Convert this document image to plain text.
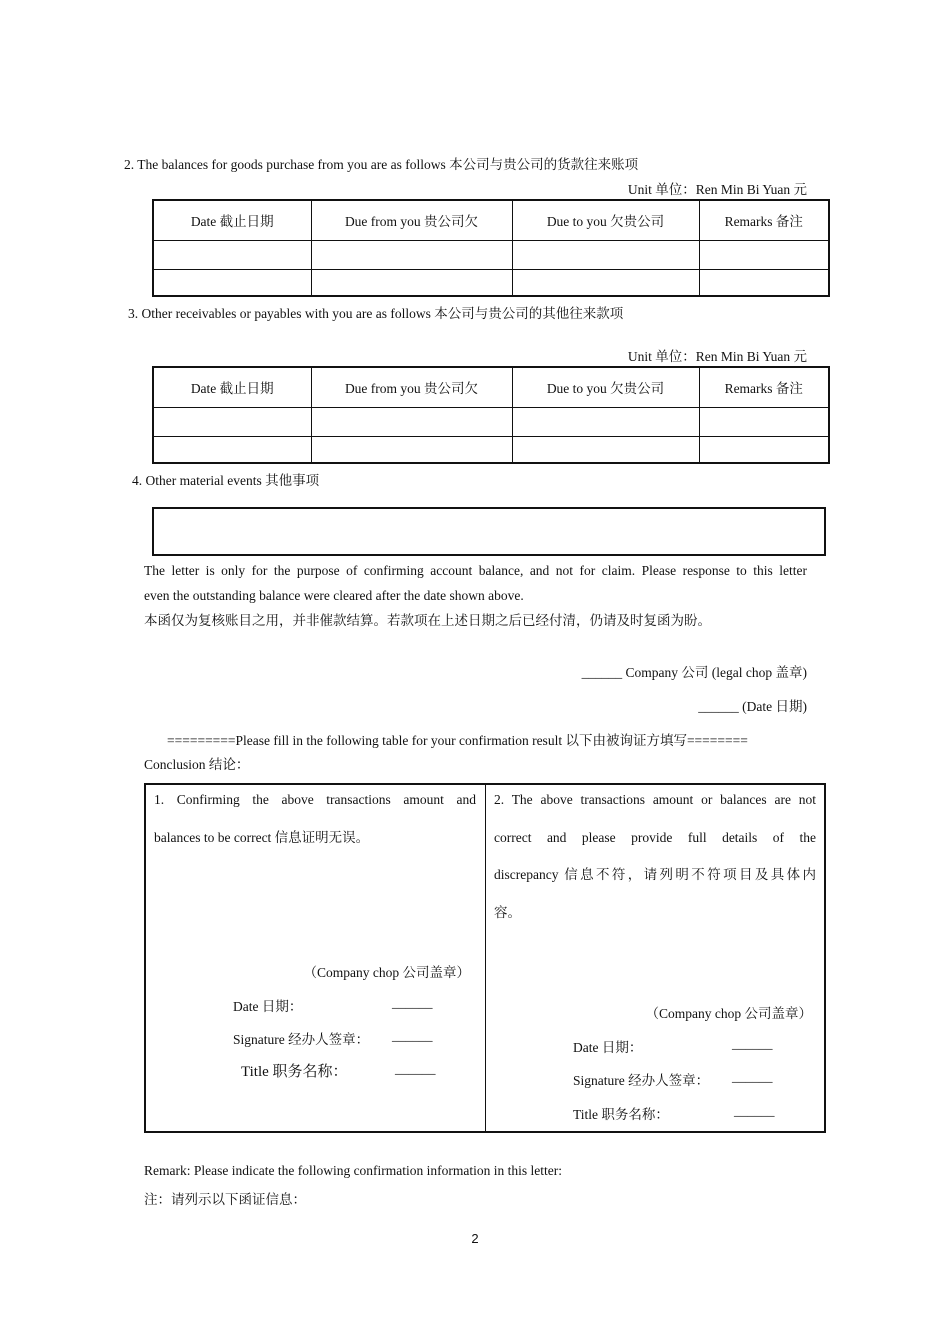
2. The balances for goods purchase from you are as follows 本公司与贵公司的货款往来账项
Unit 单位：Ren Min Bi Yuan 元
Date 截止日期	Due from you 贵公司欠	Due to you 欠贵公司	Remarks 备注

3. Other receivables or payables with you are as follows 本公司与贵公司的其他往来款项
Unit 单位：Ren Min Bi Yuan 元
Date 截止日期	Due from you 贵公司欠	Due to you 欠贵公司	Remarks 备注

4. Other material events 其他事项
The letter is only for the purpose of confirming account balance, and not for claim. Please response to this letter
even the outstanding balance were cleared after the date shown above.
本函仅为复核账目之用，并非催款结算。若款项在上述日期之后已经付清，仍请及时复函为盼。
______ Company 公司 (legal chop 盖章)
______ (Date 日期)
=========Please fill in the following table for your confirmation result 以下由被询证方填写========
Conclusion 结论：
1. Confirming the above transactions amount and
balances to be correct 信息证明无误。
（Company chop 公司盖章）
Date 日期：	______
Signature 经办人签章： ______
Title 职务名称：	______
2. The above transactions amount or balances are not
correct and please provide full details of the
discrepancy 信息不符，请列明不符项目及具体内
容。
（Company chop 公司盖章）
Date 日期：	______
Signature 经办人签章： ______
Title 职务名称：	______
Remark: Please indicate the following confirmation information in this letter:
注：请列示以下函证信息：
2
